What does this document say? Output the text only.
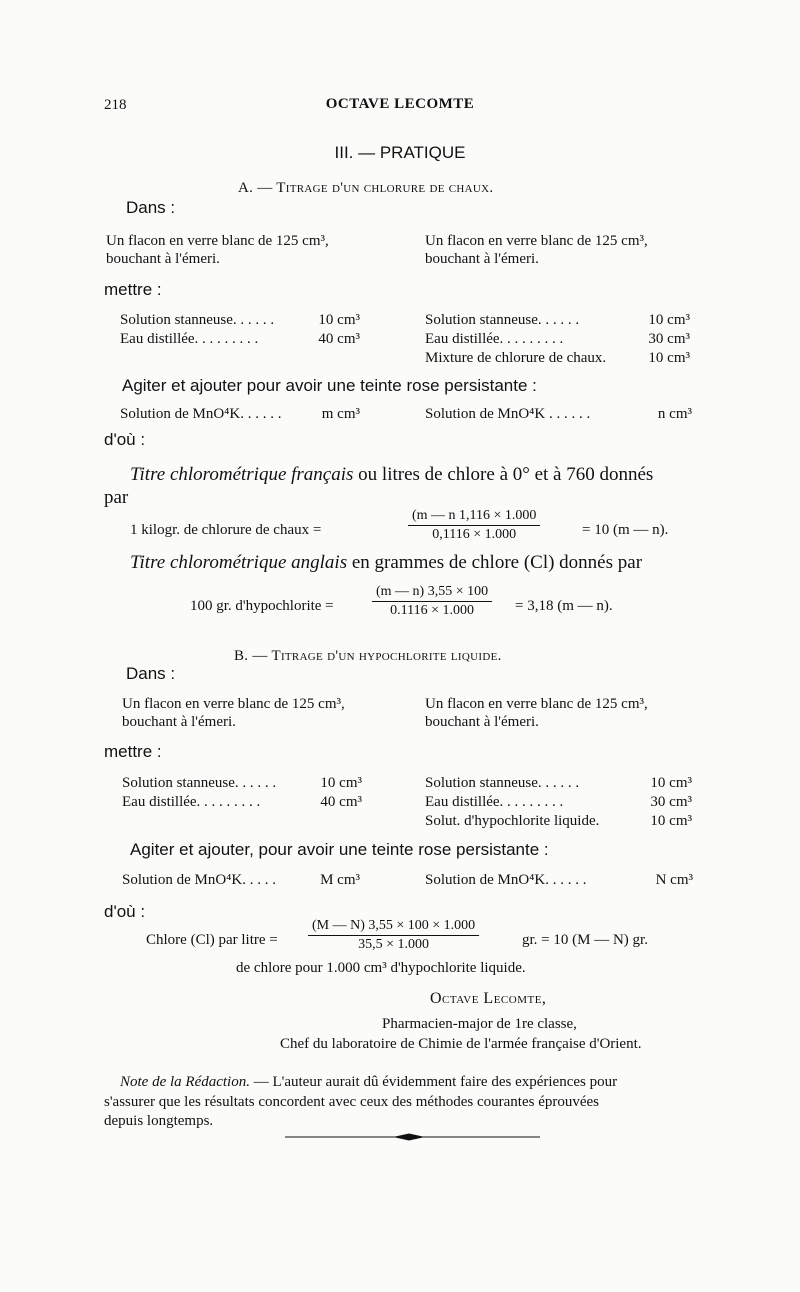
218	OCTAVE LECOMTE
III. — PRATIQUE
A. — Titrage d'un chlorure de chaux.
Dans :
Un flacon en verre blanc de 125 cm³,
bouchant à l'émeri.
Un flacon en verre blanc de 125 cm³,
bouchant à l'émeri.
mettre :
Solution stanneuse. . . . . .	10 cm³
Eau distillée. . . . . . . . .	40 cm³
Solution stanneuse. . . . . .	10 cm³
Eau distillée. . . . . . . . .	30 cm³
Mixture de chlorure de chaux.	10 cm³
Agiter et ajouter pour avoir une teinte rose persistante :
Solution de MnO⁴K. . . . . .	m cm³	Solution de MnO⁴K . . . . . .	n cm³
d'où :
Titre chlorométrique français ou litres de chlore à 0° et à 760 donnés
par
1 kilogr. de chlorure de chaux =	$\frac{(m — n 1,116 \times 1.000}{0,1116 \times 1.000}$	= 10 (m — n).
Titre chlorométrique anglais en grammes de chlore (Cl) donnés par
100 gr. d'hypochlorite =	$\frac{(m — n) 3,55 \times 100}{0.1116 \times 1.000} = 3,18$ (m — n).
B. — Titrage d'un hypochlorite liquide.
Dans :
Un flacon en verre blanc de 125 cm³,
bouchant à l'émeri.
Un flacon en verre blanc de 125 cm³,
bouchant à l'émeri.
mettre :
Solution stanneuse. . . . . .	10 cm³
Eau distillée. . . . . . . . .	40 cm³
Solution stanneuse. . . . . .	10 cm³
Eau distillée. . . . . . . . .	30 cm³
Solut. d'hypochlorite liquide.	10 cm³
Agiter et ajouter, pour avoir une teinte rose persistante :
Solution de MnO⁴K. . . . .	M cm³	Solution de MnO⁴K. . . . . .	N cm³
d'où :
Chlore (Cl) par litre = $\frac{(M — N) 3,55 \times 100 \times 1.000}{35,5 \times 1.000}$	gr. = 10 (M — N) gr.
de chlore pour 1.000 cm³ d'hypochlorite liquide.
Octave Lecomte,
Pharmacien-major de 1re classe,
Chef du laboratoire de Chimie de l'armée française d'Orient.
Note de la Rédaction. — L'auteur aurait dû évidemment faire des expériences pour
s'assurer que les résultats concordent avec ceux des méthodes courantes éprouvées
depuis longtemps.
